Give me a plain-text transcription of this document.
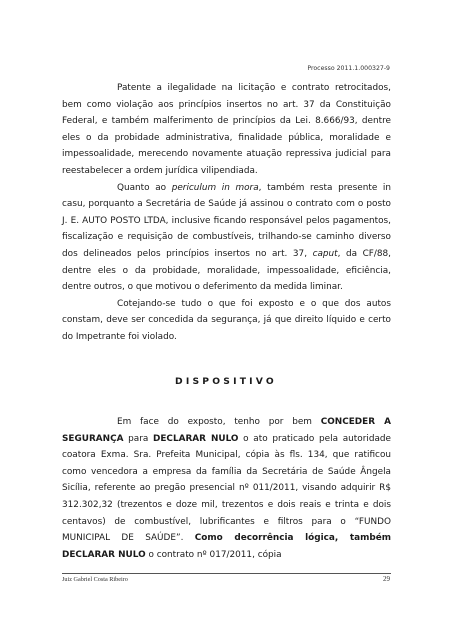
Processo 2011.1.000327-9

Patente a ilegalidade na licitação e contrato retrocitados, bem como violação aos princípios insertos no art. 37 da Constituição Federal, e também malferimento de princípios da Lei. 8.666/93, dentre eles o da probidade administrativa, finalidade pública, moralidade e impessoalidade, merecendo novamente atuação repressiva judicial para reestabelecer a ordem jurídica vilipendiada.

Quanto ao periculum in mora, também resta presente in casu, porquanto a Secretária de Saúde já assinou o contrato com o posto J. E. AUTO POSTO LTDA, inclusive ficando responsável pelos pagamentos, fiscalização e requisição de combustíveis, trilhando-se caminho diverso dos delineados pelos princípios insertos no art. 37, caput, da CF/88, dentre eles o da probidade, moralidade, impessoalidade, eficiência, dentre outros, o que motivou o deferimento da medida liminar.

Cotejando-se tudo o que foi exposto e o que dos autos constam, deve ser concedida da segurança, já que direito líquido e certo do Impetrante foi violado.

DISPOSITIVO

Em face do exposto, tenho por bem CONCEDER A SEGURANÇA para DECLARAR NULO o ato praticado pela autoridade coatora Exma. Sra. Prefeita Municipal, cópia às fls. 134, que ratificou como vencedora a empresa da família da Secretária de Saúde Ângela Sicília, referente ao pregão presencial nº 011/2011, visando adquirir R$ 312.302,32 (trezentos e doze mil, trezentos e dois reais e trinta e dois centavos) de combustível, lubrificantes e filtros para o “FUNDO MUNICIPAL DE SAÚDE”. Como decorrência lógica, também DECLARAR NULO o contrato nº 017/2011, cópia

Juiz Gabriel Costa Ribeiro	29
